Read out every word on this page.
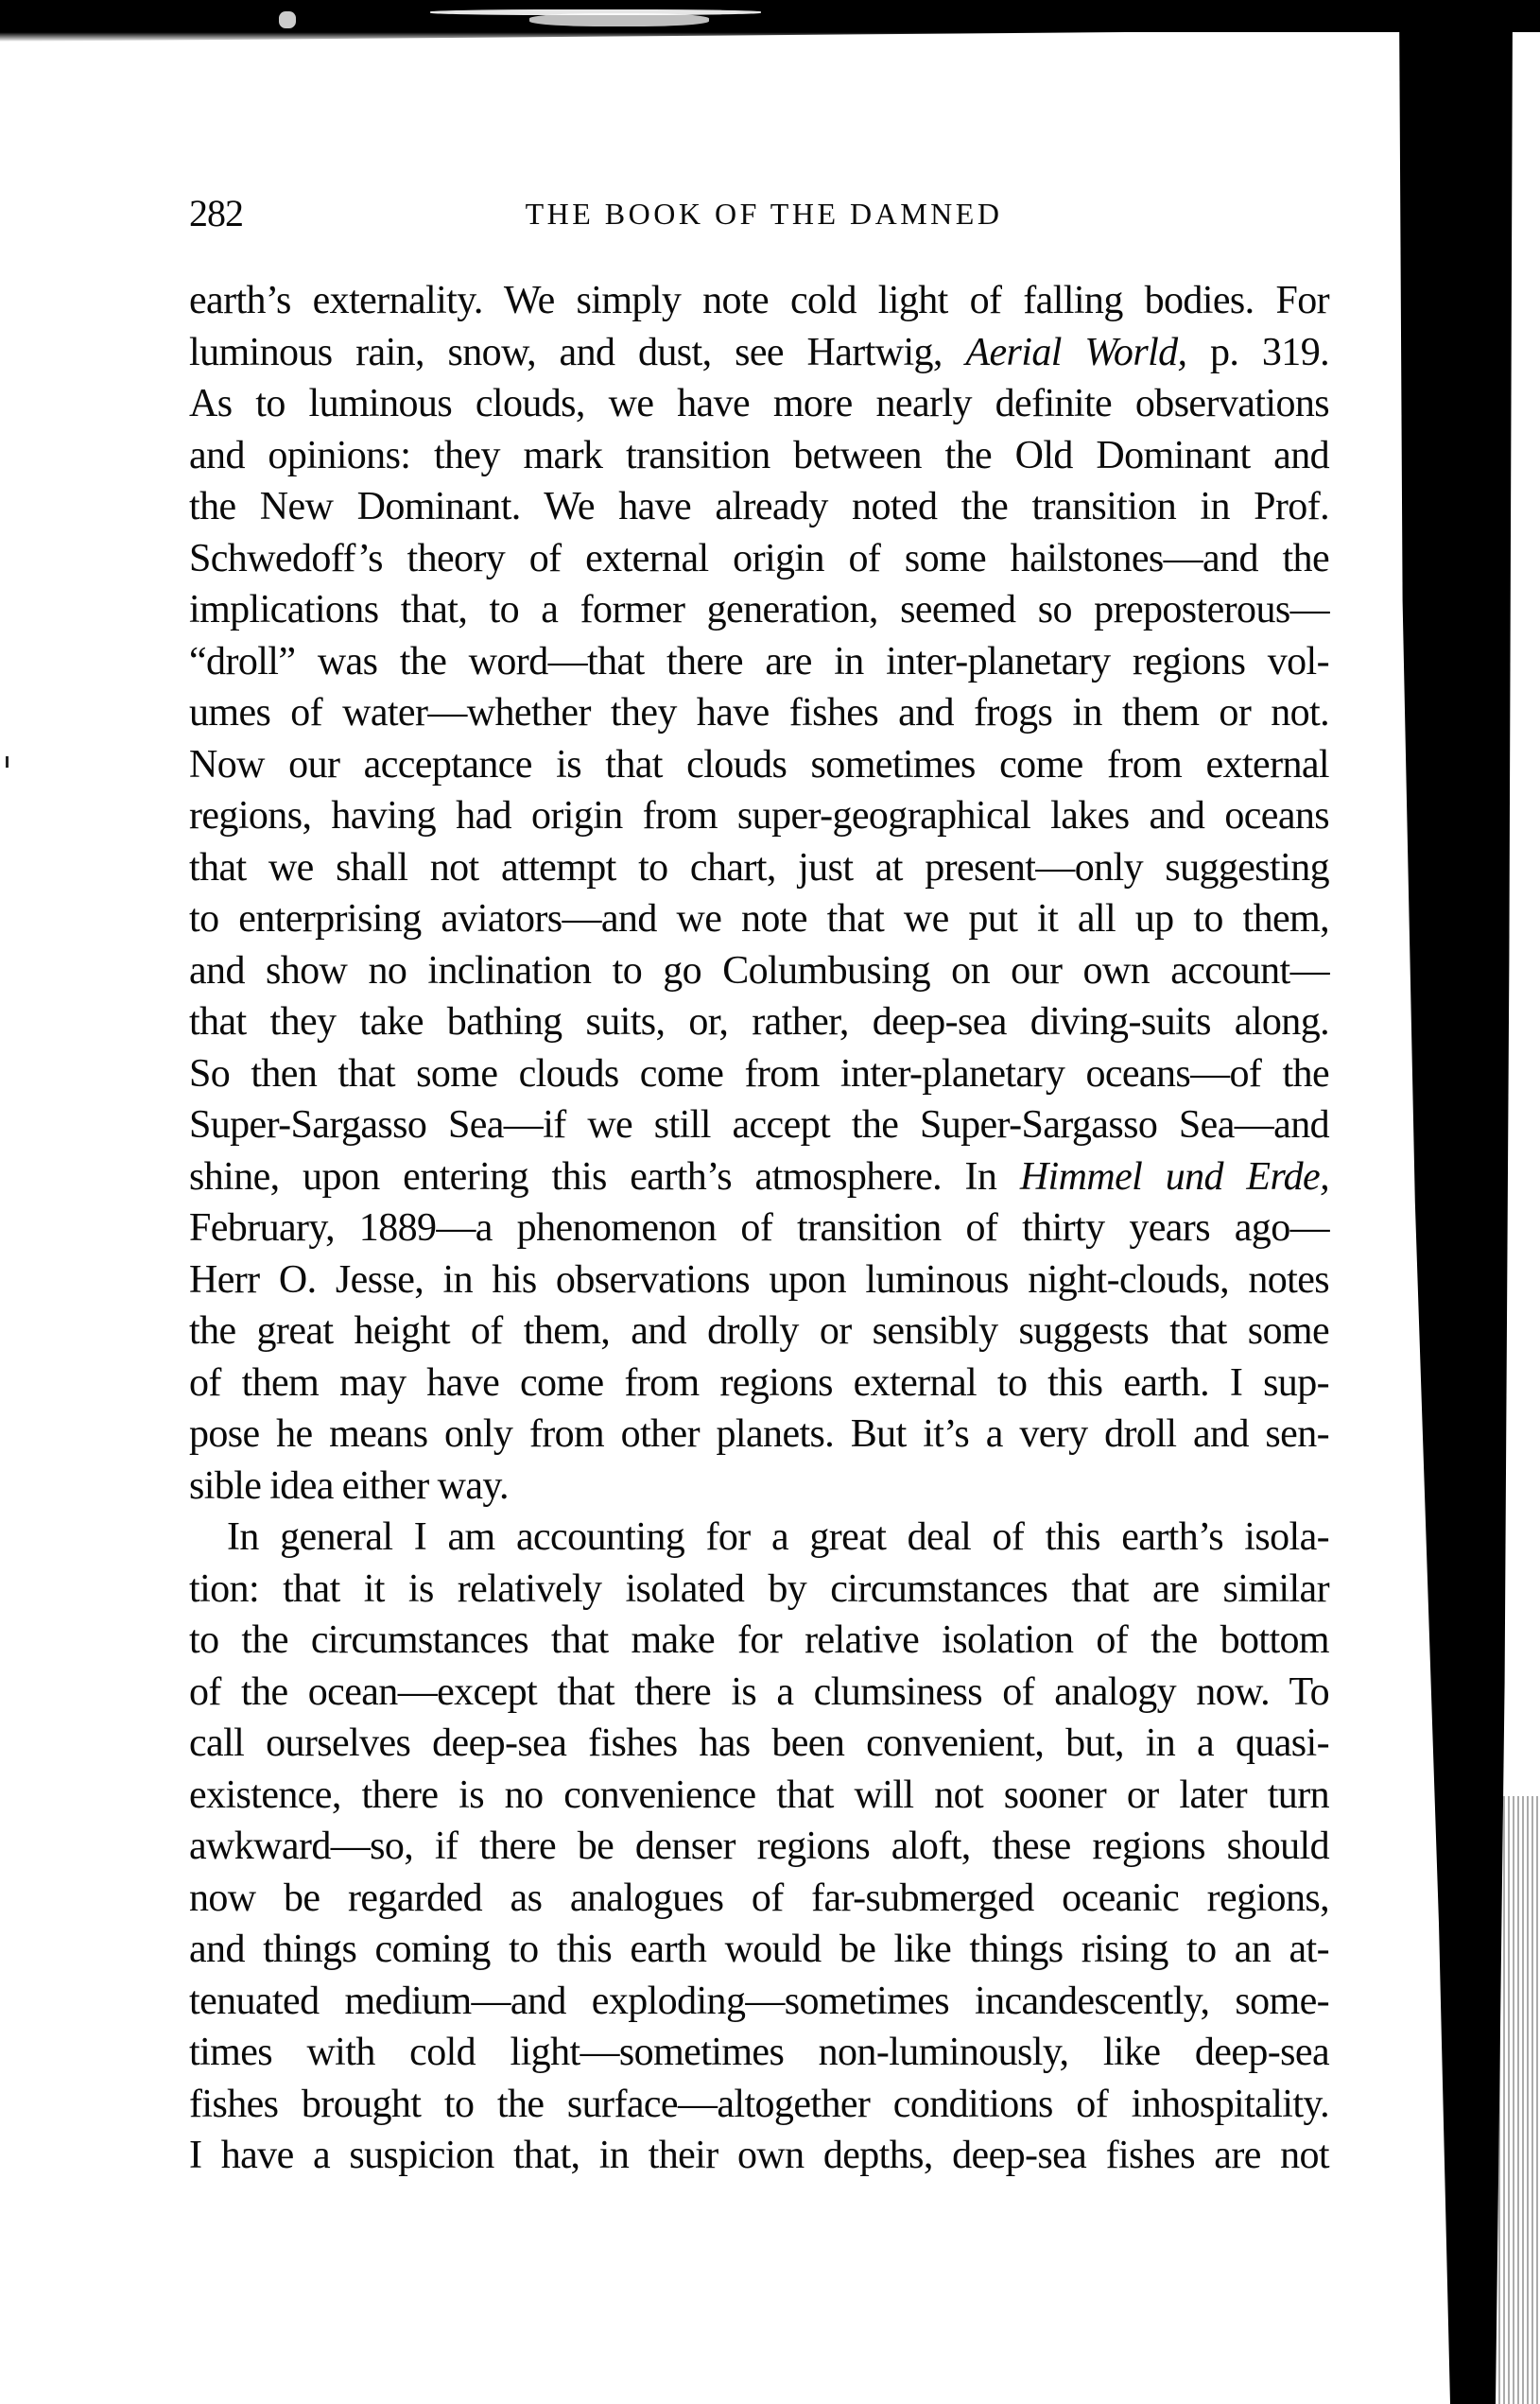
282	THE BOOK OF THE DAMNED
earth’s externality. We simply note cold light of falling bodies. For
luminous rain, snow, and dust, see Hartwig, Aerial World, p. 319.
As to luminous clouds, we have more nearly definite observations
and opinions: they mark transition between the Old Dominant and
the New Dominant. We have already noted the transition in Prof.
Schwedoff’s theory of external origin of some hailstones—and the
implications that, to a former generation, seemed so preposterous—
“droll” was the word—that there are in inter-planetary regions vol-
umes of water—whether they have fishes and frogs in them or not.
Now our acceptance is that clouds sometimes come from external
regions, having had origin from super-geographical lakes and oceans
that we shall not attempt to chart, just at present—only suggesting
to enterprising aviators—and we note that we put it all up to them,
and show no inclination to go Columbusing on our own account—
that they take bathing suits, or, rather, deep-sea diving-suits along.
So then that some clouds come from inter-planetary oceans—of the
Super-Sargasso Sea—if we still accept the Super-Sargasso Sea—and
shine, upon entering this earth’s atmosphere. In Himmel und Erde,
February, 1889—a phenomenon of transition of thirty years ago—
Herr O. Jesse, in his observations upon luminous night-clouds, notes
the great height of them, and drolly or sensibly suggests that some
of them may have come from regions external to this earth. I sup-
pose he means only from other planets. But it’s a very droll and sen-
sible idea either way.
In general I am accounting for a great deal of this earth’s isola-
tion: that it is relatively isolated by circumstances that are similar
to the circumstances that make for relative isolation of the bottom
of the ocean—except that there is a clumsiness of analogy now. To
call ourselves deep-sea fishes has been convenient, but, in a quasi-
existence, there is no convenience that will not sooner or later turn
awkward—so, if there be denser regions aloft, these regions should
now be regarded as analogues of far-submerged oceanic regions,
and things coming to this earth would be like things rising to an at-
tenuated medium—and exploding—sometimes incandescently, some-
times with cold light—sometimes non-luminously, like deep-sea
fishes brought to the surface—altogether conditions of inhospitality.
I have a suspicion that, in their own depths, deep-sea fishes are not
